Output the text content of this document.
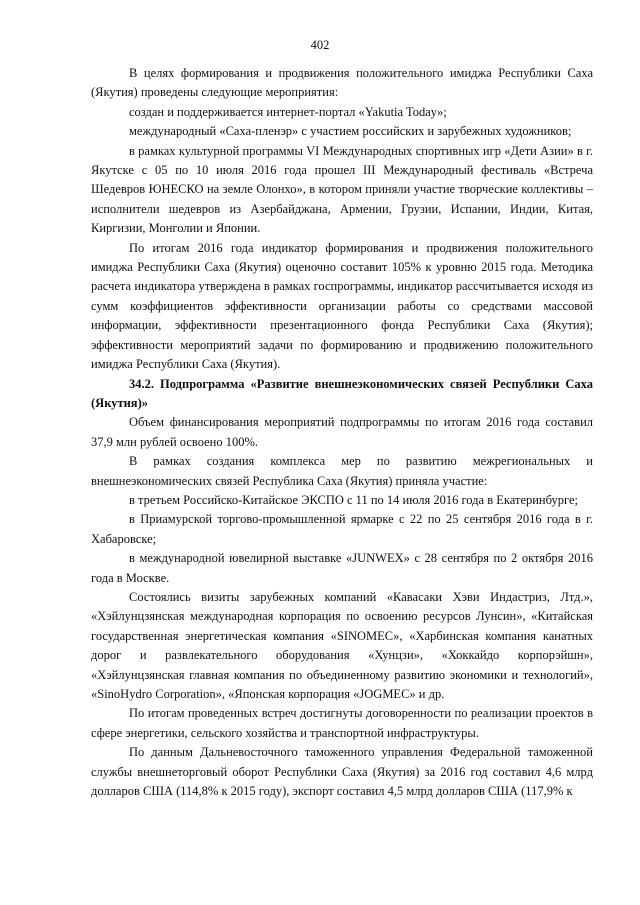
402

В целях формирования и продвижения положительного имиджа Республики Саха (Якутия) проведены следующие мероприятия:

создан и поддерживается интернет-портал «Yakutia Today»;

международный «Саха-пленэр» с участием российских и зарубежных художников;

в рамках культурной программы VI Международных спортивных игр «Дети Азии» в г. Якутске с 05 по 10 июля 2016 года прошел III Международный фестиваль «Встреча Шедевров ЮНЕСКО на земле Олонхо», в котором приняли участие творческие коллективы – исполнители шедевров из Азербайджана, Армении, Грузии, Испании, Индии, Китая, Киргизии, Монголии и Японии.

По итогам 2016 года индикатор формирования и продвижения положительного имиджа Республики Саха (Якутия) оценочно составит 105% к уровню 2015 года. Методика расчета индикатора утверждена в рамках госпрограммы, индикатор рассчитывается исходя из сумм коэффициентов эффективности организации работы со средствами массовой информации, эффективности презентационного фонда Республики Саха (Якутия); эффективности мероприятий задачи по формированию и продвижению положительного имиджа Республики Саха (Якутия).

34.2. Подпрограмма «Развитие внешнеэкономических связей Республики Саха (Якутия)»

Объем финансирования мероприятий подпрограммы по итогам 2016 года составил 37,9 млн рублей освоено 100%.

В рамках создания комплекса мер по развитию межрегиональных и внешнеэкономических связей Республика Саха (Якутия) приняла участие:

в третьем Российско-Китайское ЭКСПО с 11 по 14 июля 2016 года в Екатеринбурге;

в Приамурской торгово-промышленной ярмарке с 22 по 25 сентября 2016 года в г. Хабаровске;

в международной ювелирной выставке «JUNWEX» с 28 сентября по 2 октября 2016 года в Москве.

Состоялись визиты зарубежных компаний «Кавасаки Хэви Индастриз, Лтд.», «Хэйлунцзянская международная корпорация по освоению ресурсов Лунсин», «Китайская государственная энергетическая компания «SINOMEC», «Харбинская компания канатных дорог и развлекательного оборудования «Хунцзи», «Хоккайдо корпорэйшн», «Хэйлунцзянская главная компания по объединенному развитию экономики и технологий», «SinoHydro Corporation», «Японская корпорация «JOGMEC» и др.

По итогам проведенных встреч достигнуты договоренности по реализации проектов в сфере энергетики, сельского хозяйства и транспортной инфраструктуры.

По данным Дальневосточного таможенного управления Федеральной таможенной службы внешнеторговый оборот Республики Саха (Якутия) за 2016 год составил 4,6 млрд долларов США (114,8% к 2015 году), экспорт составил 4,5 млрд долларов США (117,9% к
